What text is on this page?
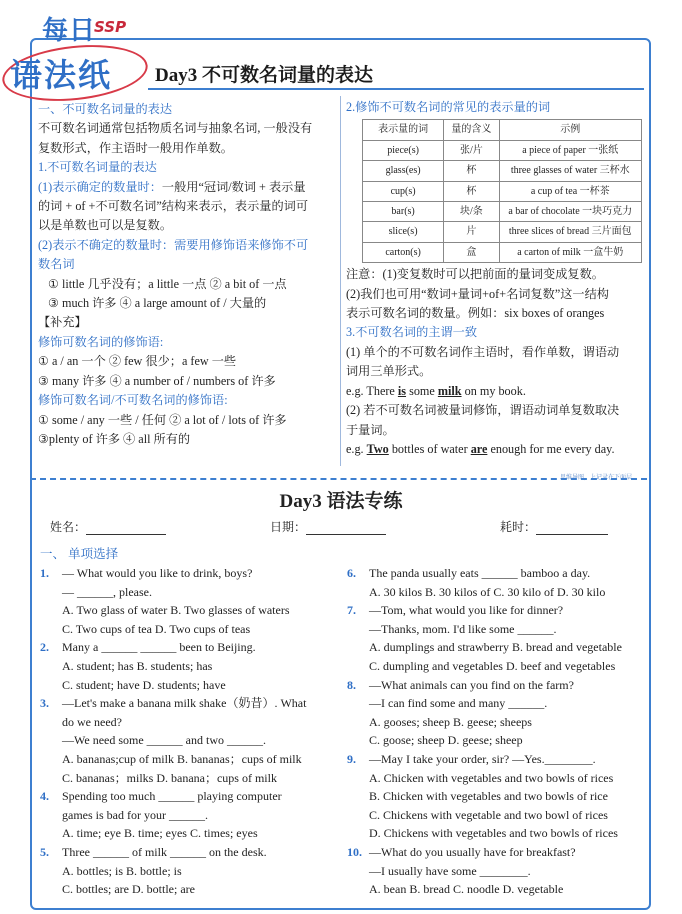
每日
SSP
语法纸 Day3 不可数名词量的表达

一、不可数名词量的表达

不可数名词通常包括物质名词与抽象名词, 一般没有

复数形式，作主语时一般用作单数。

1.不可数名词量的表达

(1)表示确定的数量时：一般用“冠词/数词 + 表示量

的词 + of +不可数名词”结构来表示，表示量的词可

以是单数也可以是复数。

(2)表示不确定的数量时：需要用修饰语来修饰不可

数名词

① little 几乎没有；a little 一点 ② a bit of 一点

③ much 许多 ④ a large amount of / 大量的

【补充】

修饰可数名词的修饰语:

① a / an 一个 ② few 很少；a few 一些

③ many 许多 ④ a number of / numbers of 许多

修饰可数名词/不可数名词的修饰语:

① some / any 一些 / 任何 ② a lot of / lots of 许多

③plenty of 许多 ④ all 所有的

2.修饰不可数名词的常见的表示量的词

表示量的词	量的含义	示例
piece(s)	张/片	a piece of paper 一张纸
glass(es)	杯	three glasses of water 三杯水
cup(s)	杯	a cup of tea 一杯茶
bar(s)	块/条	a bar of chocolate 一块巧克力
slice(s)	片	three slices of bread 三片面包
carton(s)	盒	a carton of milk 一盒牛奶

注意：(1)变复数时可以把前面的量词变成复数。

(2)我们也可用“数词+量词+of+名词复数”这一结构

表示可数名词的数量。例如：six boxes of oranges

3.不可数名词的主谓一致

(1) 单个的不可数名词作主语时，看作单数，谓语动

词用三单形式。

e.g. There is some milk on my book.

(2) 若不可数名词被量词修饰，谓语动词单复数取决

于量词。

e.g. Two bottles of water are enough for me every day.

思维导图，上记录在下面层
Day3 语法专练
姓名：	日期：	耗时：
一、 单项选择
1. — What would you like to drink, boys?
— ______, please.
A. Two glass of water B. Two glasses of waters
C. Two cups of tea D. Two cups of teas
2. Many a ______ ______ been to Beijing.
A. student; has B. students; has
C. student; have D. students; have
3. —Let's make a banana milk shake（奶昔）. What
do we need?
—We need some ______ and two ______.
A. bananas;cup of milk B. bananas；cups of milk
C. bananas；milks D. banana；cups of milk
4. Spending too much ______ playing computer
games is bad for your ______.
A. time; eye B. time; eyes C. times; eyes
5. Three ______ of milk ______ on the desk.
A. bottles; is B. bottle; is
C. bottles; are D. bottle; are
6. The panda usually eats ______ bamboo a day.
A. 30 kilos B. 30 kilos of C. 30 kilo of D. 30 kilo
7. —Tom, what would you like for dinner?
—Thanks, mom. I'd like some ______.
A. dumplings and strawberry B. bread and vegetable
C. dumpling and vegetables D. beef and vegetables
8. —What animals can you find on the farm?
—I can find some and many ______.
A. gooses; sheep B. geese; sheeps
C. goose; sheep D. geese; sheep
9. —May I take your order, sir? —Yes.________.
A. Chicken with vegetables and two bowls of rices
B. Chicken with vegetables and two bowls of rice
C. Chickens with vegetable and two bowl of rices
D. Chickens with vegetables and two bowls of rices
10. —What do you usually have for breakfast?
—I usually have some ________.
A. bean B. bread C. noodle D. vegetable
